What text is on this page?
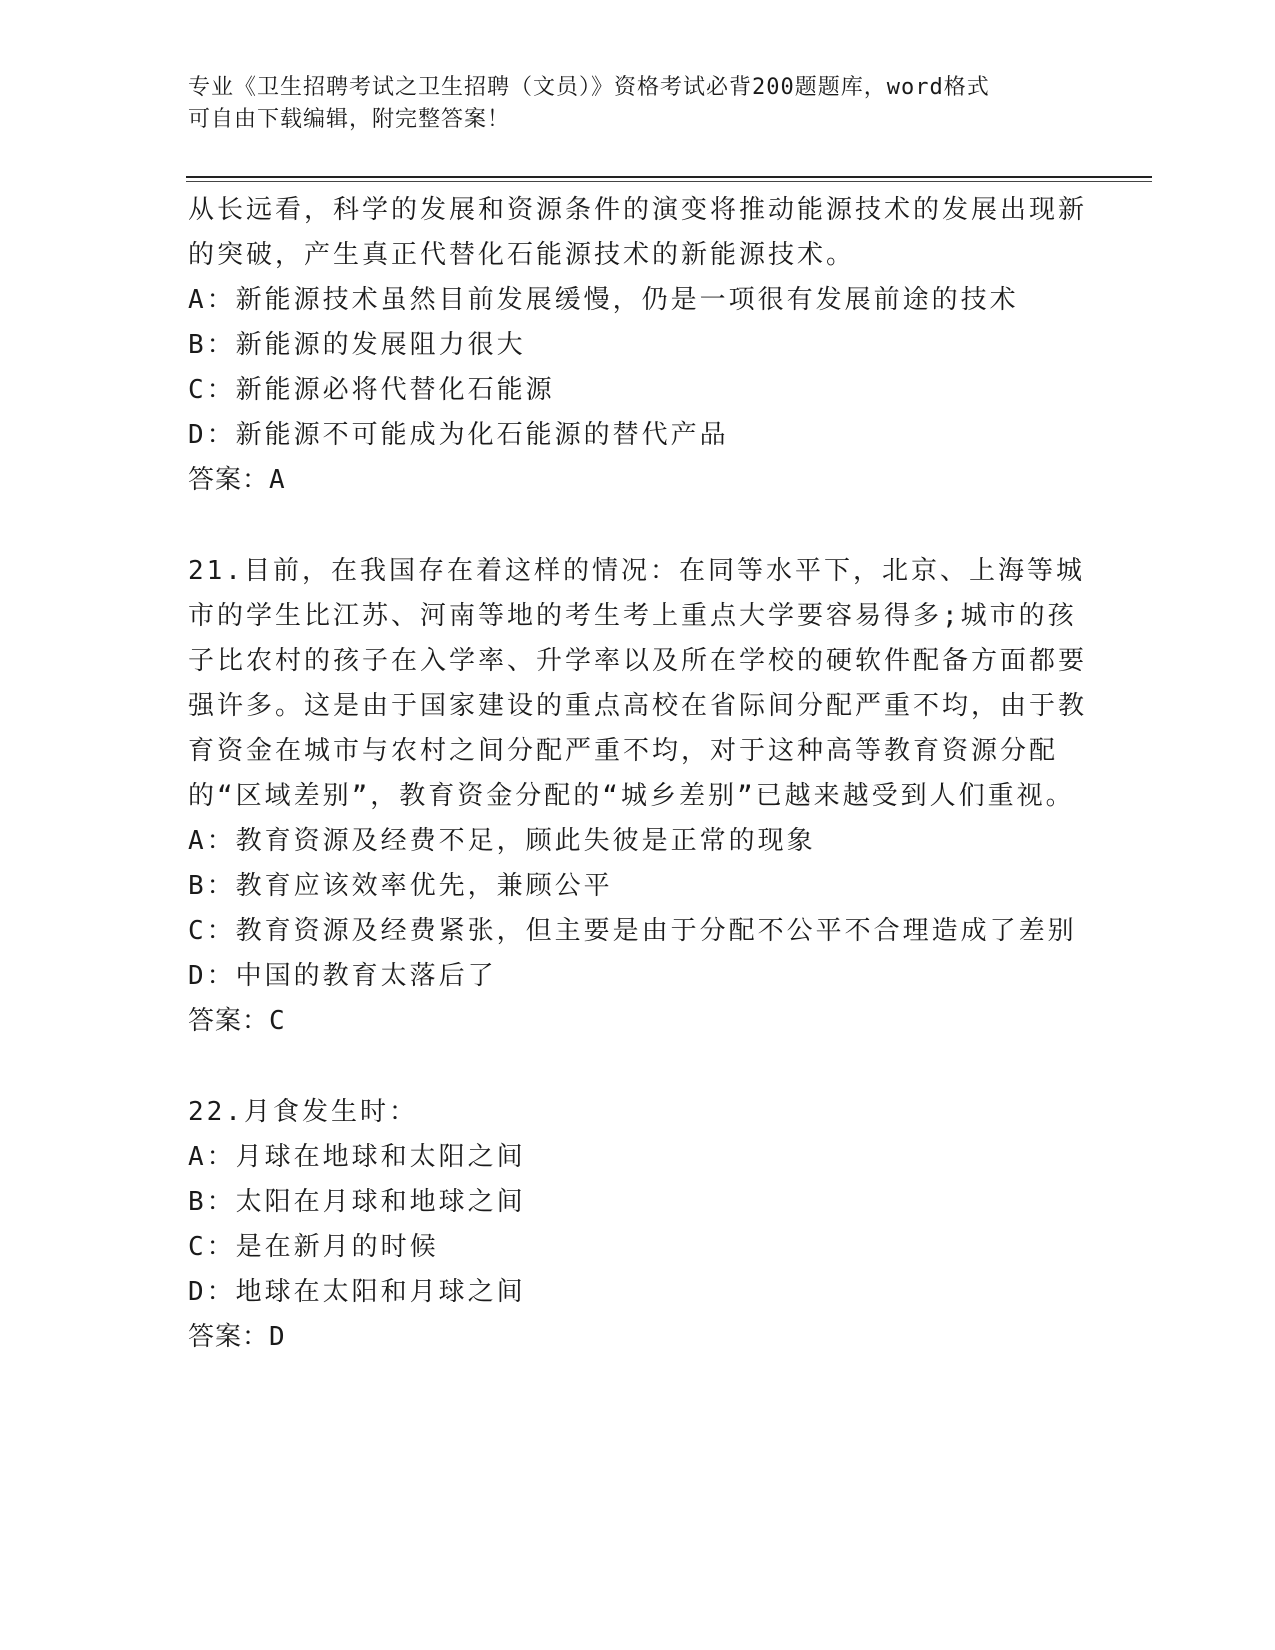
专业《卫生招聘考试之卫生招聘（文员）》资格考试必背200题题库，word格式
可自由下载编辑，附完整答案！
从长远看，科学的发展和资源条件的演变将推动能源技术的发展出现新的突破，产生真正代替化石能源技术的新能源技术。
A：新能源技术虽然目前发展缓慢，仍是一项很有发展前途的技术
B：新能源的发展阻力很大
C：新能源必将代替化石能源
D：新能源不可能成为化石能源的替代产品
答案：A
21.目前，在我国存在着这样的情况：在同等水平下，北京、上海等城市的学生比江苏、河南等地的考生考上重点大学要容易得多;城市的孩子比农村的孩子在入学率、升学率以及所在学校的硬软件配备方面都要强许多。这是由于国家建设的重点高校在省际间分配严重不均，由于教育资金在城市与农村之间分配严重不均，对于这种高等教育资源分配的“区域差别”，教育资金分配的“城乡差别”已越来越受到人们重视。
A：教育资源及经费不足，顾此失彼是正常的现象
B：教育应该效率优先，兼顾公平
C：教育资源及经费紧张，但主要是由于分配不公平不合理造成了差别
D：中国的教育太落后了
答案：C
22.月食发生时：
A：月球在地球和太阳之间
B：太阳在月球和地球之间
C：是在新月的时候
D：地球在太阳和月球之间
答案：D
